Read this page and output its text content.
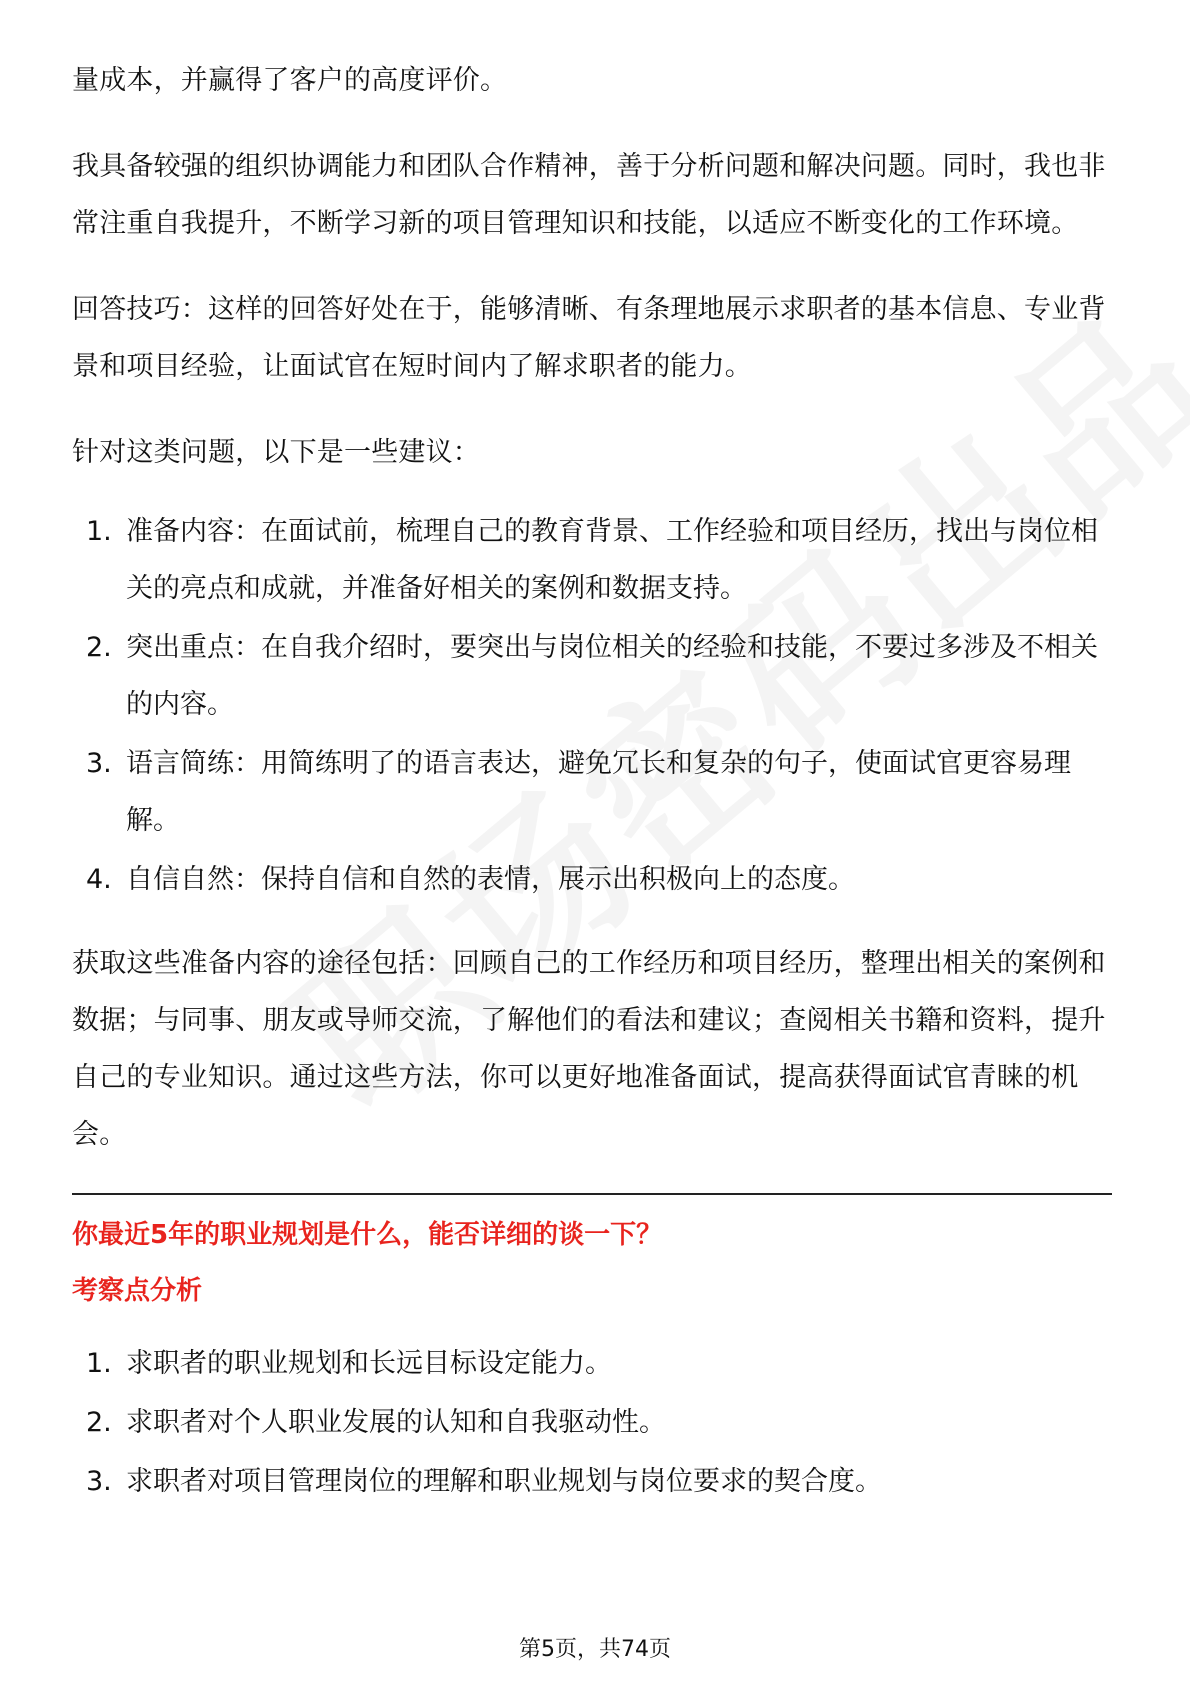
量成本，并赢得了客户的高度评价。

我具备较强的组织协调能力和团队合作精神，善于分析问题和解决问题。同时，我也非常注重自我提升，不断学习新的项目管理知识和技能，以适应不断变化的工作环境。

回答技巧：这样的回答好处在于，能够清晰、有条理地展示求职者的基本信息、专业背景和项目经验，让面试官在短时间内了解求职者的能力。

针对这类问题，以下是一些建议：

1. 准备内容：在面试前，梳理自己的教育背景、工作经验和项目经历，找出与岗位相关的亮点和成就，并准备好相关的案例和数据支持。
2. 突出重点：在自我介绍时，要突出与岗位相关的经验和技能，不要过多涉及不相关的内容。
3. 语言简练：用简练明了的语言表达，避免冗长和复杂的句子，使面试官更容易理解。
4. 自信自然：保持自信和自然的表情，展示出积极向上的态度。

获取这些准备内容的途径包括：回顾自己的工作经历和项目经历，整理出相关的案例和数据；与同事、朋友或导师交流，了解他们的看法和建议；查阅相关书籍和资料，提升自己的专业知识。通过这些方法，你可以更好地准备面试，提高获得面试官青睐的机会。

你最近5年的职业规划是什么，能否详细的谈一下？
考察点分析
1. 求职者的职业规划和长远目标设定能力。
2. 求职者对个人职业发展的认知和自我驱动性。
3. 求职者对项目管理岗位的理解和职业规划与岗位要求的契合度。
第5页，共74页
